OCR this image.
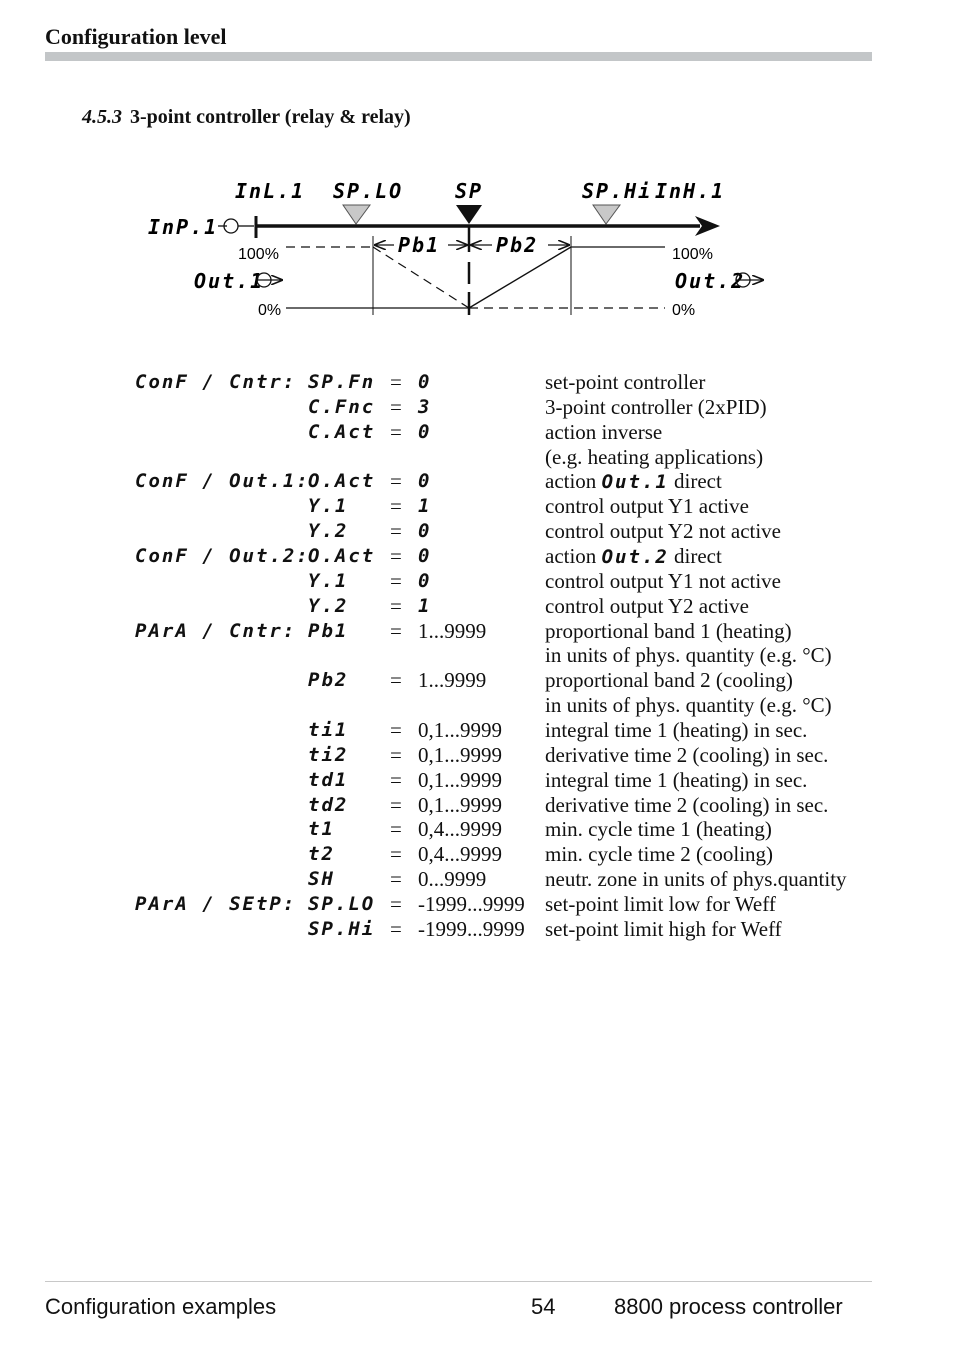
Configuration level
4.5.3 3-point controller (relay & relay)
InL.1 SP.LO	SP	SP.Hi InH.1
InP.1
100%	100%
Pb1	Pb2
Out.1	Out.2
0%	0%
ConF / Cntr: SP.Fn = 0	set-point controller
C.Fnc = 3	3-point controller (2xPID)
C.Act = 0	action inverse
(e.g. heating applications)
ConF / Out.1:
O.Act = 0	action Out.1 direct
Y.1 = 1	control output Y1 active
Y.2 = 0	control output Y2 not active
ConF / Out.2:
O.Act = 0	action Out.2 direct
Y.1 = 0	control output Y1 not active
Y.2 = 1	control output Y2 active
PArA / Cntr: Pb1 = 1...9999	proportional band 1 (heating)
in units of phys. quantity (e.g. °C)
Pb2 = 1...9999	proportional band 2 (cooling)
in units of phys. quantity (e.g. °C)
ti1 = 0,1...9999 integral time 1 (heating) in sec.
ti2 = 0,1...9999 derivative time 2 (cooling) in sec.
td1 = 0,1...9999 integral time 1 (heating) in sec.
td2 = 0,1...9999 derivative time 2 (cooling) in sec.
t1	= 0,4...9999 min. cycle time 1 (heating)
t2	= 0,4...9999 min. cycle time 2 (cooling)
SH	= 0...9999	neutr. zone in units of phys.quantity
PArA / SEtP: SP.LO = -1999...9999 set-point limit low for Weff
SP.Hi = -1999...9999 set-point limit high for Weff
Configuration examples	54	8800 process controller
